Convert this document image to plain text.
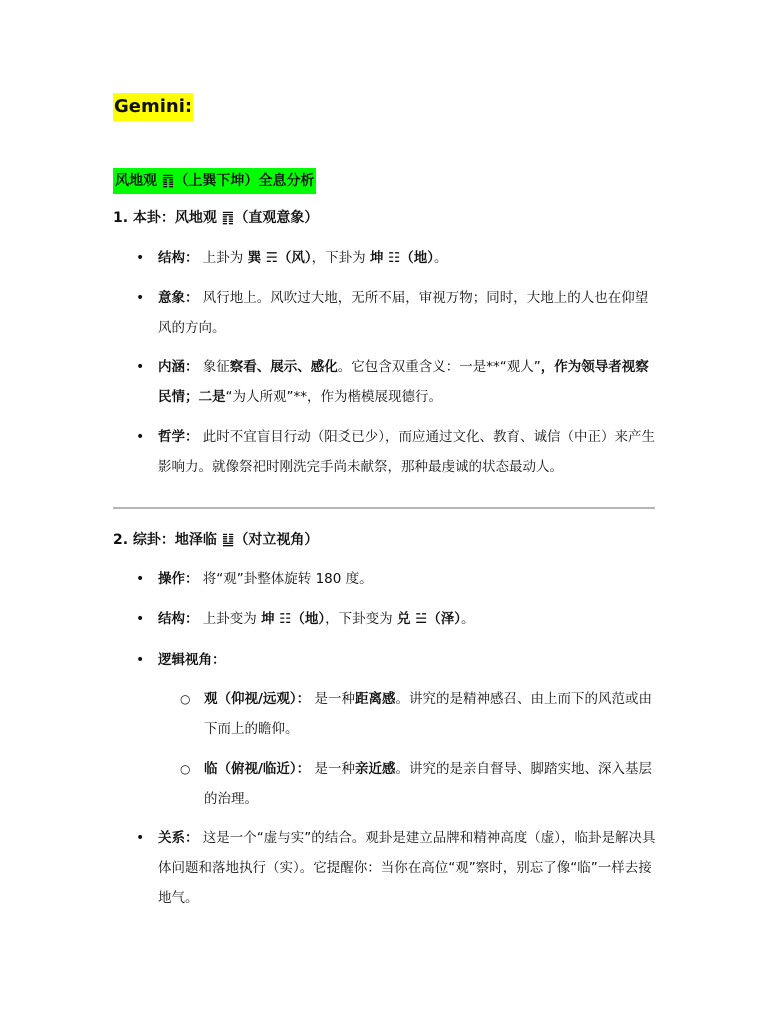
Gemini:
风地观 ䷓（上巽下坤）全息分析
1. 本卦：风地观 ䷓（直观意象）
• 结构： 上卦为 巽 ☴（风），下卦为 坤 ☷（地）。
• 意象： 风行地上。风吹过大地，无所不届，审视万物；同时，大地上的人也在仰望风的方向。
• 内涵： 象征察看、展示、感化。它包含双重含义：一是**“观人”，作为领导者视察民情；二是“为人所观”**，作为楷模展现德行。
• 哲学： 此时不宜盲目行动（阳爻已少），而应通过文化、教育、诚信（中正）来产生影响力。就像祭祀时刚洗完手尚未献祭，那种最虔诚的状态最动人。
2. 综卦：地泽临 ䷒（对立视角）
• 操作： 将“观”卦整体旋转 180 度。
• 结构： 上卦变为 坤 ☷（地），下卦变为 兑 ☱（泽）。
• 逻辑视角：
○ 观（仰视/远观）： 是一种距离感。讲究的是精神感召、由上而下的风范或由下而上的瞻仰。
○ 临（俯视/临近）： 是一种亲近感。讲究的是亲自督导、脚踏实地、深入基层的治理。
• 关系： 这是一个“虚与实”的结合。观卦是建立品牌和精神高度（虚），临卦是解决具体问题和落地执行（实）。它提醒你：当你在高位“观”察时，别忘了像“临”一样去接地气。
